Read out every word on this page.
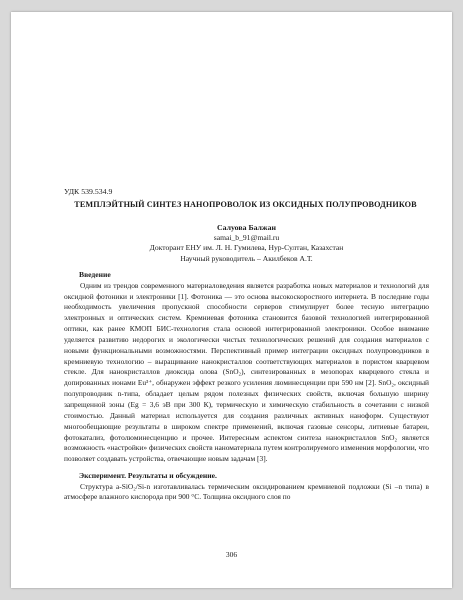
УДК 539.534.9

ТЕМПЛЭЙТНЫЙ СИНТЕЗ НАНОПРОВОЛОК ИЗ ОКСИДНЫХ ПОЛУПРОВОДНИКОВ

Салуова Балжан

samai_b_91@mail.ru

Докторант ЕНУ им. Л. Н. Гумилева, Нур-Султан, Казахстан

Научный руководитель – Акилбеков А.Т.

Введение

Одним из трендов современного материаловедения является разработка новых материалов и технологий для оксидной фотоники и электроники [1]. Фотоника — это основа высокоскоростного интернета. В последние годы необходимость увеличения пропускной способности серверов стимулирует более тесную интеграцию электронных и оптических систем. Кремниевая фотоника становится базовой технологией интегрированной оптики, как ранее КМОП БИС-технология стала основой интегрированной электроники. Особое внимание уделяется развитию недорогих и экологически чистых технологических решений для создания материалов с новыми функциональными возможностями. Перспективный пример интеграции оксидных полупроводников в кремниевую технологию – выращивание нанокристаллов соответствующих материалов в пористом кварцевом стекле. Для нанокристаллов диоксида олова (SnO₂), синтезированных в мезопорах кварцевого стекла и допированных ионами Eu³⁺, обнаружен эффект резкого усиления люминесценции при 590 нм [2]. SnO₂, оксидный полупроводник n-типа, обладает целым рядом полезных физических свойств, включая большую ширину запрещенной зоны (Eg = 3,6 эВ при 300 К), термическую и химическую стабильность в сочетании с низкой стоимостью. Данный материал используется для создания различных активных наноформ. Существуют многообещающие результаты в широком спектре применений, включая газовые сенсоры, литиевые батареи, фотокатализ, фотолюминесценцию и прочее. Интересным аспектом синтеза нанокристаллов SnO₂ является возможность «настройки» физических свойств наноматериала путем контролируемого изменения морфологии, что позволяет создавать устройства, отвечающие новым задачам [3].

Эксперимент. Результаты и обсуждение.

Структура a-SiO₂/Si-n изготавливалась термическим оксидированием кремниевой подложки (Si –n типа) в атмосфере влажного кислорода при 900 °С. Толщина оксидного слоя по

306
